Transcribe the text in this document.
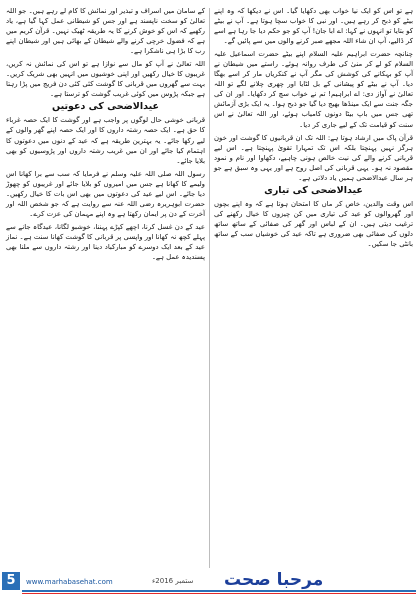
ہے تو اس کو ایک نیا خواب بھی دکھایا گیا۔ اس نے دیکھا کہ وہ اپنے بیٹے کو ذبح کر رہے ہیں۔ اور نبی کا خواب سچا ہوتا ہے۔ آپ نے بیٹے کو بتایا تو انہوں نے کہا: اے ابا جان! آپ کو جو حکم دیا جا رہا ہے اسے کر ڈالیے، آپ ان شاء اللہ مجھے صبر کرنے والوں میں سے پائیں گے۔

چنانچہ حضرت ابراہیم علیہ السلام اپنے بیٹے حضرت اسماعیل علیہ السلام کو لے کر منیٰ کی طرف روانہ ہوئے۔ راستے میں شیطان نے آپ کو بہکانے کی کوشش کی مگر آپ نے کنکریاں مار کر اسے بھگا دیا۔ آپ نے بیٹے کو پیشانی کے بل لٹایا اور چھری چلانے لگے تو اللہ تعالیٰ نے آواز دی: اے ابراہیم! تم نے خواب سچ کر دکھایا۔ اور ان کی جگہ جنت سے ایک مینڈھا بھیج دیا گیا جو ذبح ہوا۔ یہ ایک بڑی آزمائش تھی جس میں باپ بیٹا دونوں کامیاب ہوئے، اور اللہ تعالیٰ نے اس سنت کو قیامت تک کے لیے جاری کر دیا۔

قرآن پاک میں ارشاد ہوتا ہے: اللہ تک ان قربانیوں کا گوشت اور خون ہرگز نہیں پہنچتا بلکہ اس تک تمہارا تقویٰ پہنچتا ہے۔ اس لیے قربانی کرنے والے کی نیت خالص ہونی چاہیے، دکھاوا اور نام و نمود مقصود نہ ہو۔ یہی قربانی کی اصل روح ہے اور یہی وہ سبق ہے جو ہر سال عیدالاضحی ہمیں یاد دلاتی ہے۔

عیدالاضحی کی تیاری

اس وقت والدین، خاص کر ماں کا امتحان ہوتا ہے کہ وہ اپنے بچوں اور گھروالوں کو عید کی تیاری میں کن چیزوں کا خیال رکھنے کی ترغیب دیتی ہیں۔ ان کے لباس اور گھر کی صفائی کے ساتھ ساتھ دلوں کی صفائی بھی ضروری ہے تاکہ عید کی خوشیاں سب کے ساتھ بانٹی جا سکیں۔

کے سامان میں اسراف و تبذیر اور نمائش کا کام لے رہے ہیں۔ جو اللہ تعالیٰ کو سخت ناپسند ہے اور جس کو شیطانی عمل کہا گیا ہے، یاد رکھیے کہ اس کو خوش کرنے کا یہ طریقہ ٹھیک نہیں۔ قرآن کریم میں ہے کہ فضول خرچی کرنے والے شیطان کے بھائی ہیں اور شیطان اپنے رب کا بڑا ہی ناشکرا ہے۔

اللہ تعالیٰ نے آپ کو مال سے نوازا ہے تو اس کی نمائش نہ کریں، غریبوں کا خیال رکھیں اور اپنی خوشیوں میں انہیں بھی شریک کریں۔ بہت سے گھروں میں قربانی کا گوشت کئی کئی دن فریج میں پڑا رہتا ہے جبکہ پڑوس میں کوئی غریب گوشت کو ترستا ہے۔

عیدالاضحی کی دعوتیں

قربانی خوشی حال لوگوں پر واجب ہے اور گوشت کا ایک حصہ غرباء کا حق ہے۔ ایک حصہ رشتہ داروں کا اور ایک حصہ اپنے گھر والوں کے لیے رکھا جائے۔ یہ بہترین طریقہ ہے کہ عید کے دنوں میں دعوتوں کا اہتمام کیا جائے اور ان میں غریب رشتہ داروں اور پڑوسیوں کو بھی بلایا جائے۔

رسول اللہ صلی اللہ علیہ وسلم نے فرمایا کہ سب سے برا کھانا اس ولیمے کا کھانا ہے جس میں امیروں کو بلایا جائے اور غریبوں کو چھوڑ دیا جائے۔ اس لیے عید کی دعوتوں میں بھی اس بات کا خیال رکھیں۔ حضرت ابوہریرہ رضی اللہ عنہ سے روایت ہے کہ جو شخص اللہ اور آخرت کے دن پر ایمان رکھتا ہے وہ اپنے مہمان کی عزت کرے۔

عید کے دن غسل کرنا، اچھے کپڑے پہننا، خوشبو لگانا، عیدگاہ جانے سے پہلے کچھ نہ کھانا اور واپسی پر قربانی کا گوشت کھانا سنت ہے۔ نماز عید کے بعد ایک دوسرے کو مبارکباد دینا اور رشتہ داروں سے ملنا بھی پسندیدہ عمل ہے۔

5	www.marhabasehat.com	ستمبر 2016ء مرحبا صحت
